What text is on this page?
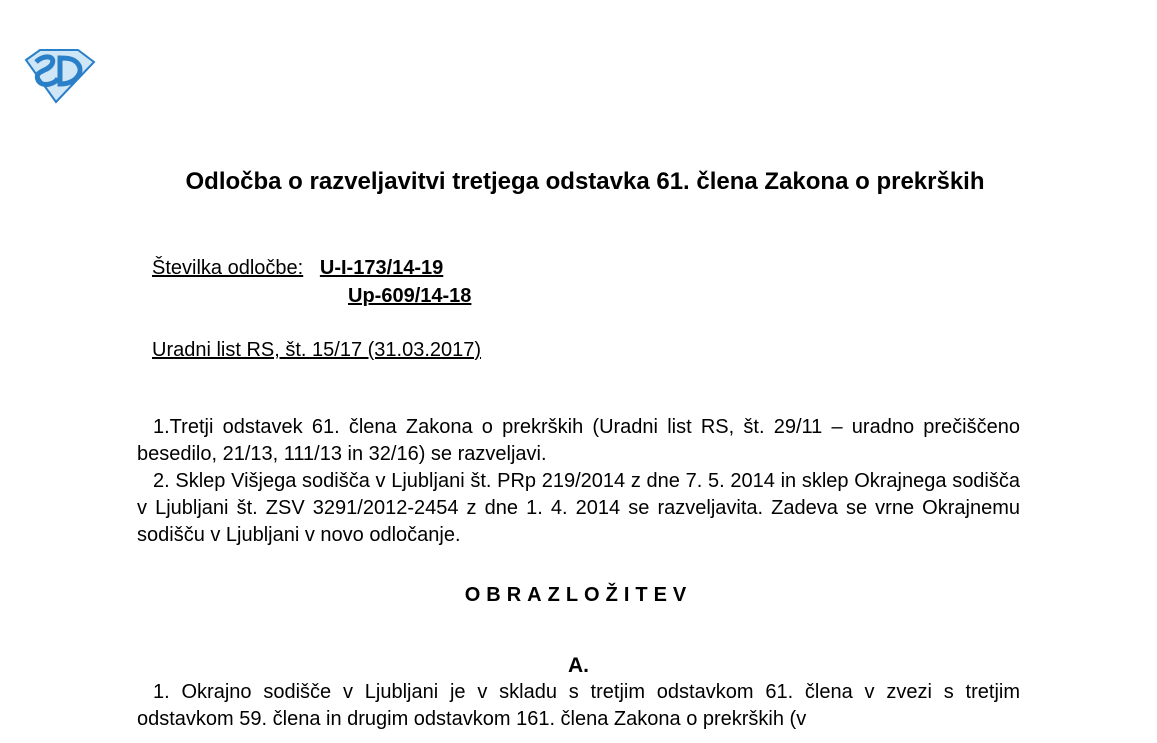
Odločba o razveljavitvi tretjega odstavka 61. člena Zakona o prekrških
Številka odločbe: U-I-173/14-19
Up-609/14-18
Uradni list RS, št. 15/17 (31.03.2017)

1.Tretji odstavek 61. člena Zakona o prekrških (Uradni list RS, št. 29/11 – uradno prečiščeno besedilo, 21/13, 111/13 in 32/16) se razveljavi.

2. Sklep Višjega sodišča v Ljubljani št. PRp 219/2014 z dne 7. 5. 2014 in sklep Okrajnega sodišča v Ljubljani št. ZSV 3291/2012-2454 z dne 1. 4. 2014 se razveljavita. Zadeva se vrne Okrajnemu sodišču v Ljubljani v novo odločanje.

OBRAZLOŽITEV
A.

1. Okrajno sodišče v Ljubljani je v skladu s tretjim odstavkom 61. člena v zvezi s tretjim odstavkom 59. člena in drugim odstavkom 161. člena Zakona o prekrških (v
